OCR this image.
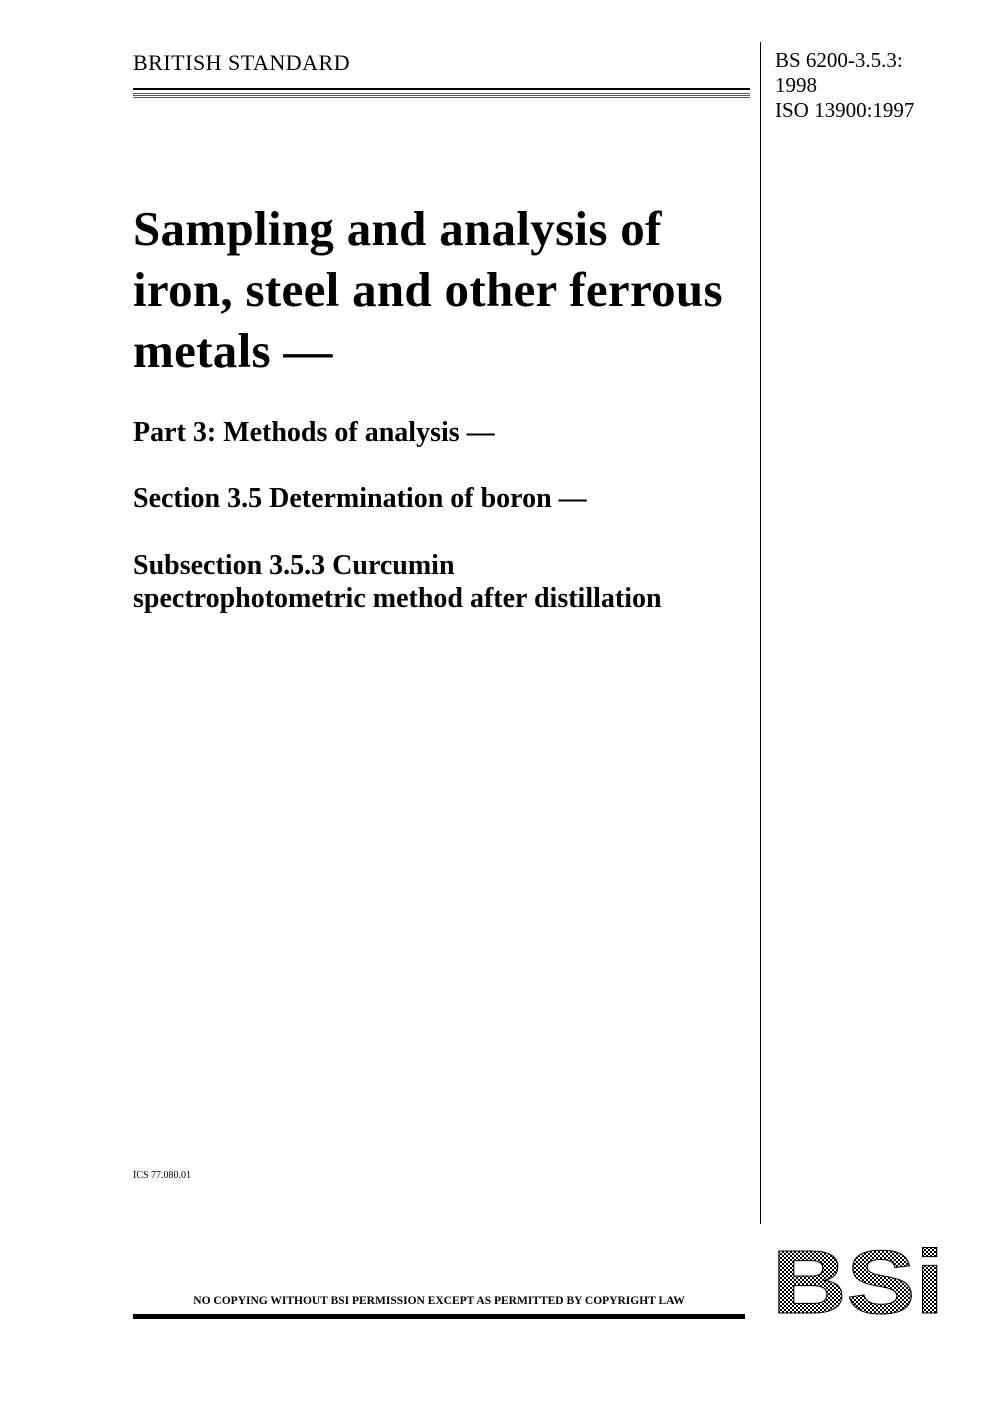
BRITISH STANDARD	BS 6200-3.5.3:
1998
ISO 13900:1997
Sampling and analysis of iron, steel and other ferrous metals —
Part 3: Methods of analysis —
Section 3.5 Determination of boron —
Subsection 3.5.3 Curcumin spectrophotometric method after distillation
ICS 77.080.01
NO COPYING WITHOUT BSI PERMISSION EXCEPT AS PERMITTED BY COPYRIGHT LAW BSi
